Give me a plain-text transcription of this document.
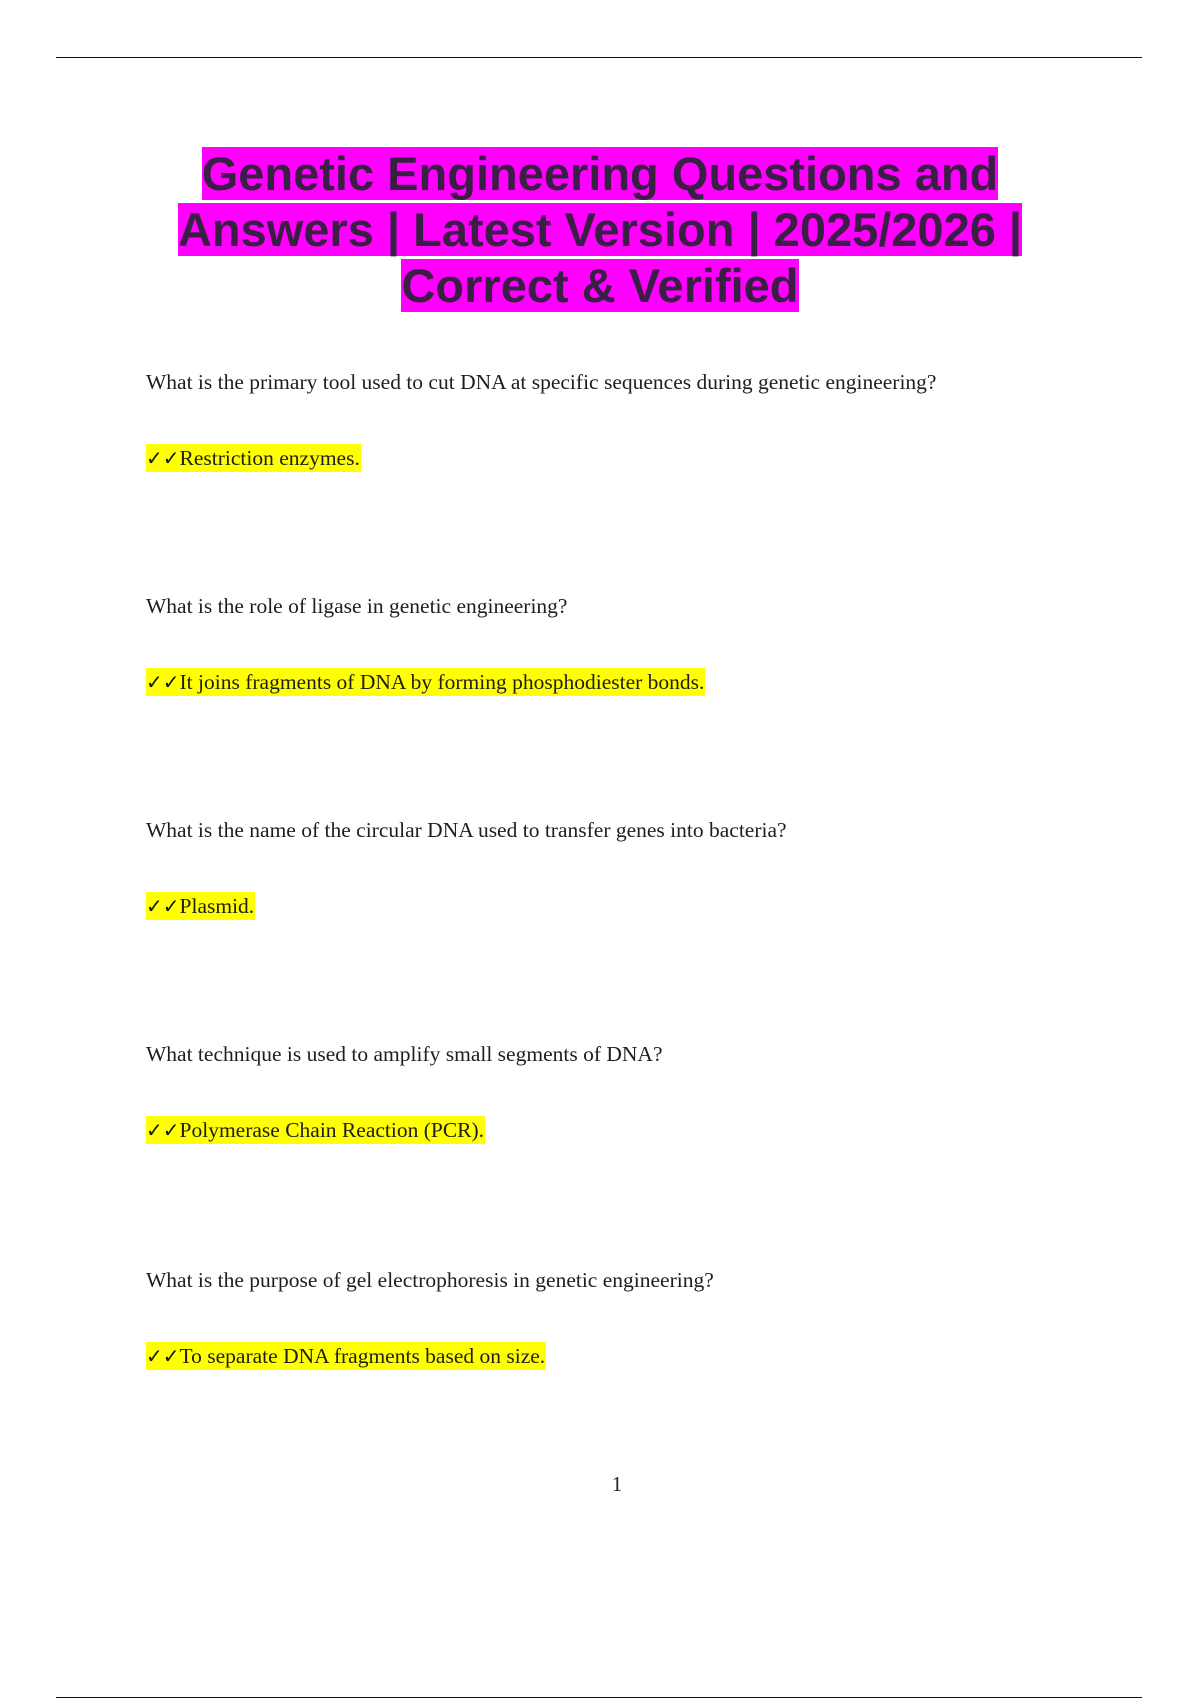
Genetic Engineering Questions and Answers | Latest Version | 2025/2026 | Correct & Verified
What is the primary tool used to cut DNA at specific sequences during genetic engineering?
✓✓Restriction enzymes.
What is the role of ligase in genetic engineering?
✓✓It joins fragments of DNA by forming phosphodiester bonds.
What is the name of the circular DNA used to transfer genes into bacteria?
✓✓Plasmid.
What technique is used to amplify small segments of DNA?
✓✓Polymerase Chain Reaction (PCR).
What is the purpose of gel electrophoresis in genetic engineering?
✓✓To separate DNA fragments based on size.
1
